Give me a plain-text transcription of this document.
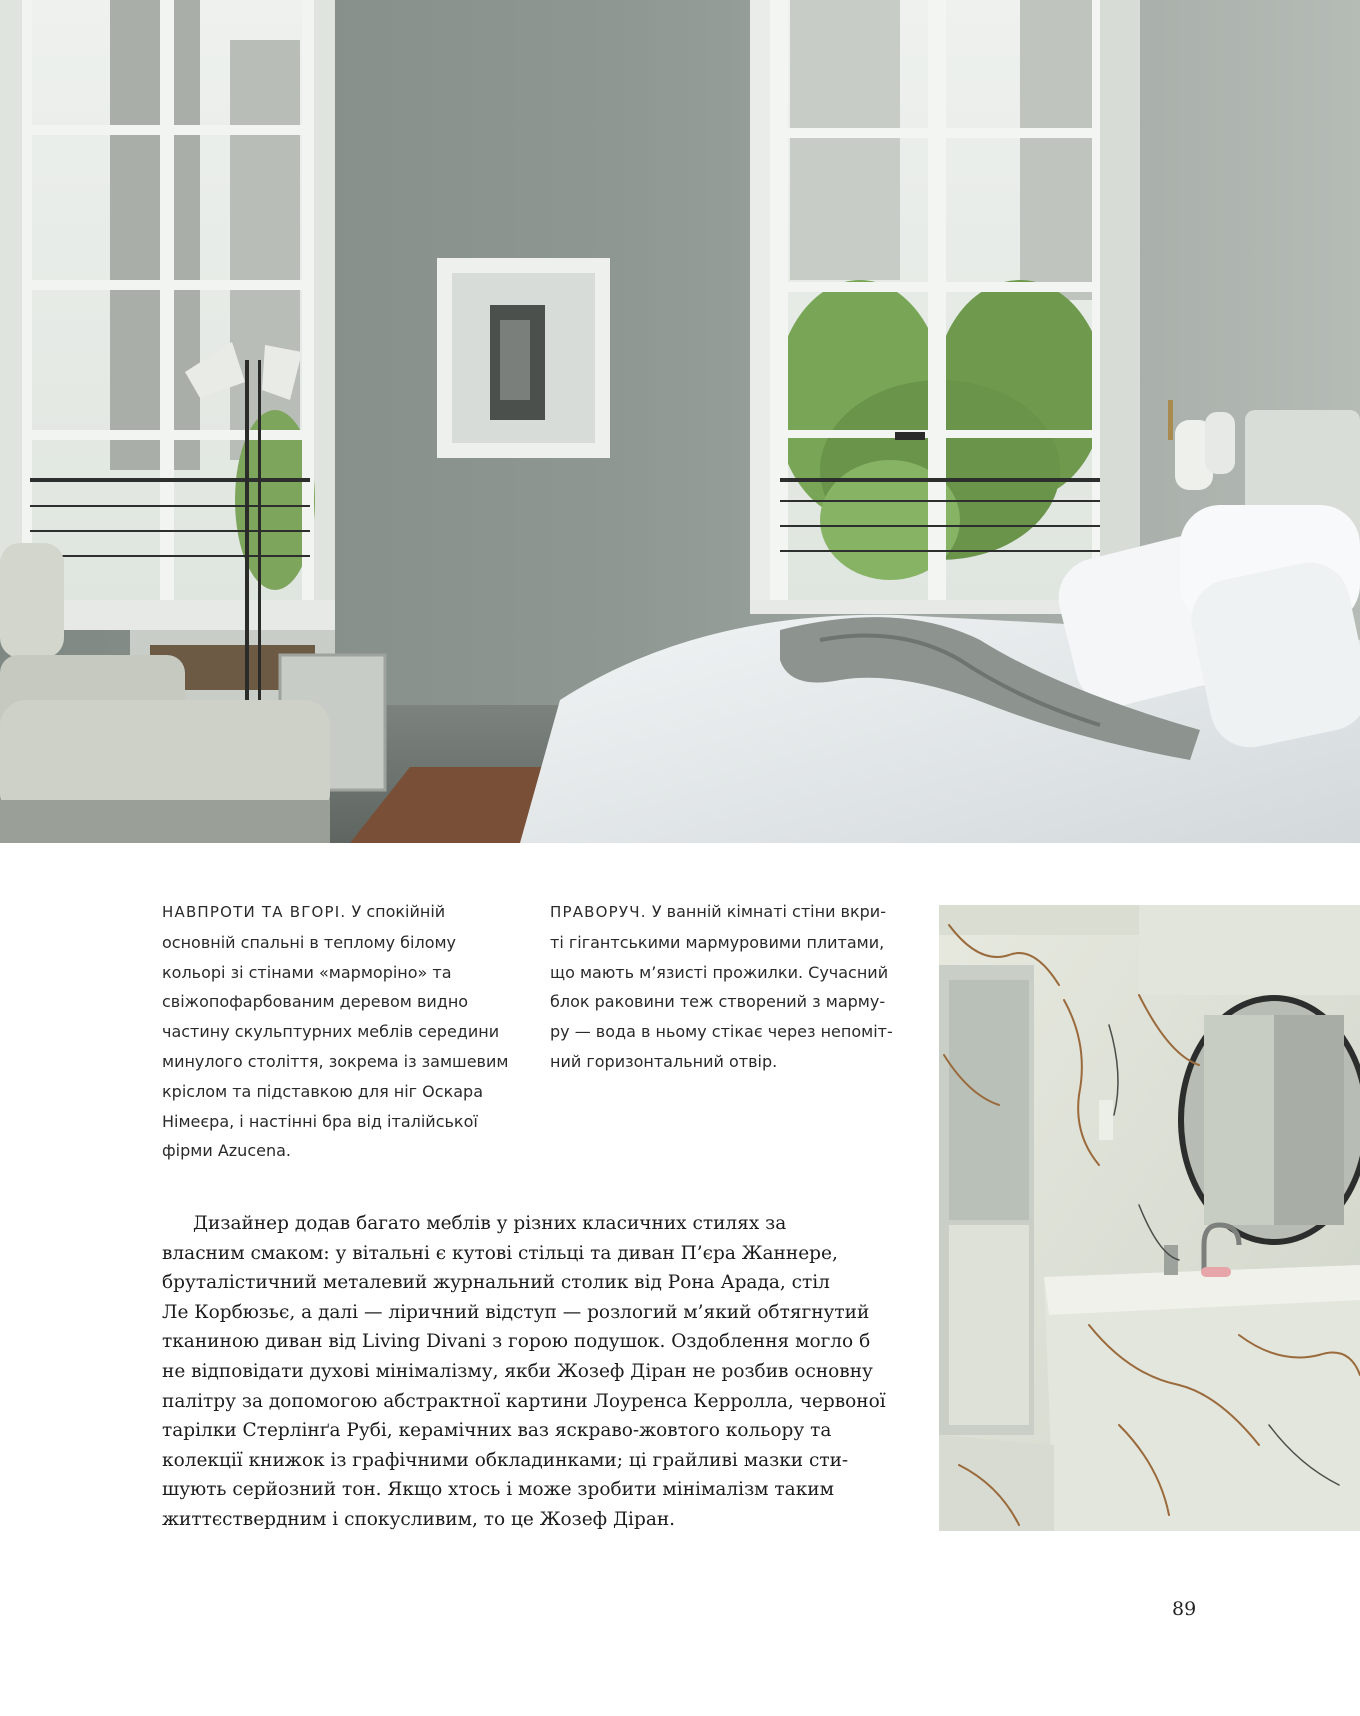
НАВПРОТИ ТА ВГОРІ. У спокійній
основній спальні в теплому білому
кольорі зі стінами «марморіно» та
свіжопофарбованим деревом видно
частину скульптурних меблів середини
минулого століття, зокрема із замшевим
кріслом та підставкою для ніг Оскара
Німеєра, і настінні бра від італійської
фірми Azucena.

ПРАВОРУЧ. У ванній кімнаті стіни вкри-
ті гігантськими мармуровими плитами,
що мають м’язисті прожилки. Сучасний
блок раковини теж створений з марму-
ру — вода в ньому стікає через непоміт-
ний горизонтальний отвір.

Дизайнер додав багато меблів у різних класичних стилях за
власним смаком: у вітальні є кутові стільці та диван П’єра Жаннере,
бруталістичний металевий журнальний столик від Рона Арада, стіл
Ле Корбюзьє, а далі — ліричний відступ — розлогий м’який обтягнутий
тканиною диван від Living Divani з горою подушок. Оздоблення могло б
не відповідати духові мінімалізму, якби Жозеф Діран не розбив основну
палітру за допомогою абстрактної картини Лоуренса Керролла, червоної
тарілки Стерлінґа Рубі, керамічних ваз яскраво-жовтого кольору та
колекції книжок із графічними обкладинками; ці грайливі мазки сти-
шують серйозний тон. Якщо хтось і може зробити мінімалізм таким
життєствердним і спокусливим, то це Жозеф Діран.

89
